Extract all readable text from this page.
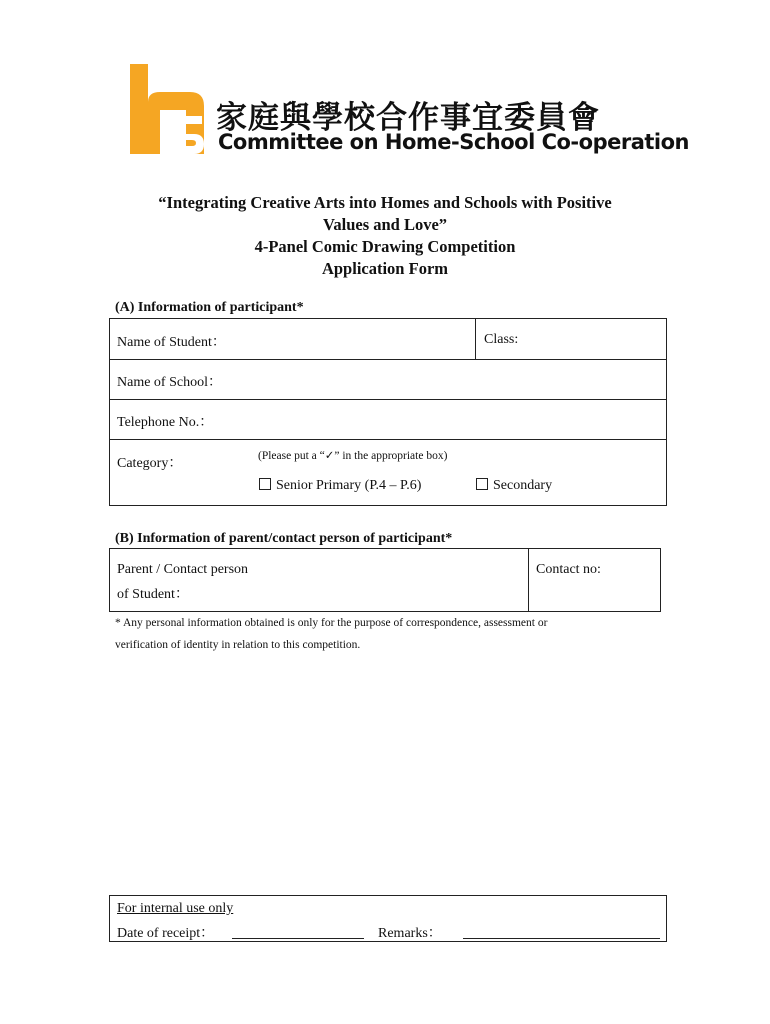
家庭與學校合作事宜委員會
Committee on Home-School Co-operation
“Integrating Creative Arts into Homes and Schools with Positive
Values and Love”
4-Panel Comic Drawing Competition
Application Form
(A) Information of participant*
Name of Student：	Class:
Name of School：
Telephone No.：
Category：	(Please put a “✓” in the appropriate box)
Senior Primary (P.4 – P.6)	Secondary
(B) Information of parent/contact person of participant*
Parent / Contact person
of Student：
Contact no:
* Any personal information obtained is only for the purpose of correspondence, assessment or
verification of identity in relation to this competition.
For internal use only
Date of receipt：	Remarks：
